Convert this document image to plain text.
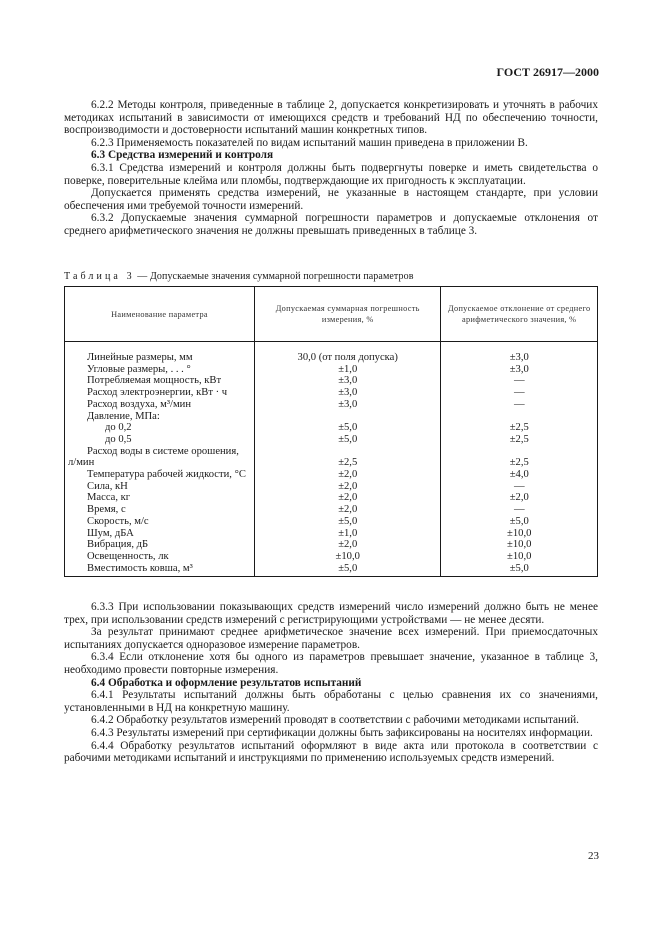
ГОСТ 26917—2000

6.2.2 Методы контроля, приведенные в таблице 2, допускается конкретизировать и уточнять в рабочих методиках испытаний в зависимости от имеющихся средств и требований НД по обеспечению точности, воспроизводимости и достоверности испытаний машин конкретных типов.

6.2.3 Применяемость показателей по видам испытаний машин приведена в приложении В.

6.3 Средства измерений и контроля

6.3.1 Средства измерений и контроля должны быть подвергнуты поверке и иметь свидетельства о поверке, поверительные клейма или пломбы, подтверждающие их пригодность к эксплуатации.

Допускается применять средства измерений, не указанные в настоящем стандарте, при условии обеспечения ими требуемой точности измерений.

6.3.2 Допускаемые значения суммарной погрешности параметров и допускаемые отклонения от среднего арифметического значения не должны превышать приведенных в таблице 3.

Таблица 3 — Допускаемые значения суммарной погрешности параметров
Наименование параметра	Допускаемая суммарная погрешность измерения, %	Допускаемое отклонение от среднего арифметического значения, %
Линейные размеры, мм	30,0 (от поля допуска)	±3,0
Угловые размеры, . . . °	±1,0	±3,0
Потребляемая мощность, кВт	±3,0	—
Расход электроэнергии, кВт · ч	±3,0	—
Расход воздуха, м³/мин	±3,0	—
Давление, МПа:		
до 0,2	±5,0	±2,5
до 0,5	±5,0	±2,5
Расход воды в системе орошения,		
л/мин	±2,5	±2,5
Температура рабочей жидкости, °С	±2,0	±4,0
Сила, кН	±2,0	—
Масса, кг	±2,0	±2,0
Время, с	±2,0	—
Скорость, м/с	±5,0	±5,0
Шум, дБА	±1,0	±10,0
Вибрация, дБ	±2,0	±10,0
Освещенность, лк	±10,0	±10,0
Вместимость ковша, м³	±5,0	±5,0

6.3.3 При использовании показывающих средств измерений число измерений должно быть не менее трех, при использовании средств измерений с регистрирующими устройствами — не менее десяти.

За результат принимают среднее арифметическое значение всех измерений. При приемосдаточных испытаниях допускается одноразовое измерение параметров.

6.3.4 Если отклонение хотя бы одного из параметров превышает значение, указанное в таблице 3, необходимо провести повторные измерения.

6.4 Обработка и оформление результатов испытаний

6.4.1 Результаты испытаний должны быть обработаны с целью сравнения их со значениями, установленными в НД на конкретную машину.

6.4.2 Обработку результатов измерений проводят в соответствии с рабочими методиками испытаний.

6.4.3 Результаты измерений при сертификации должны быть зафиксированы на носителях информации.

6.4.4 Обработку результатов испытаний оформляют в виде акта или протокола в соответствии с рабочими методиками испытаний и инструкциями по применению используемых средств измерений.

23
